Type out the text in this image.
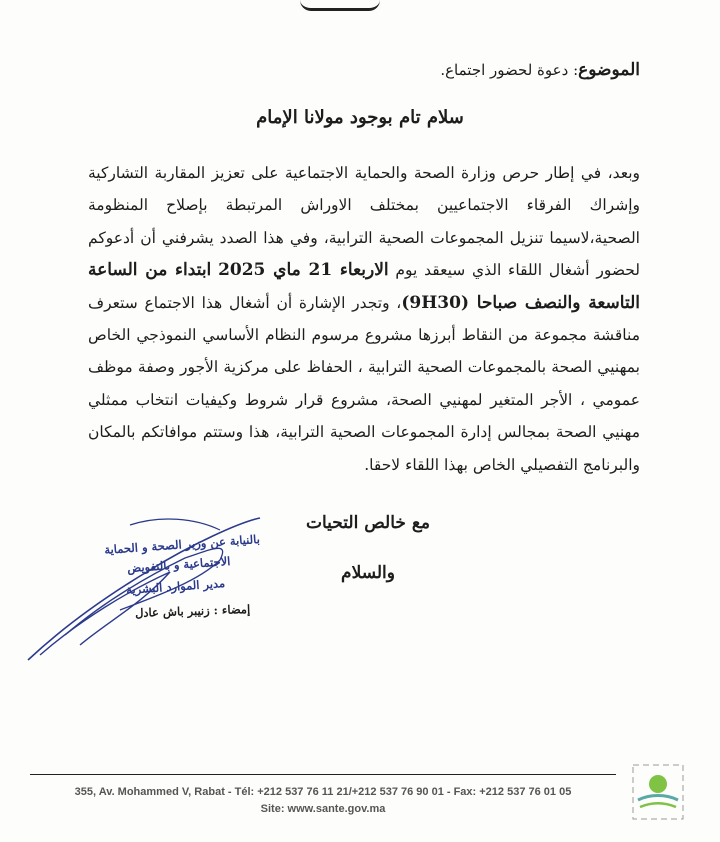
الموضوع: دعوة لحضور اجتماع.
سلام تام بوجود مولانا الإمام
وبعد، في إطار حرص وزارة الصحة والحماية الاجتماعية على تعزيز المقاربة التشاركية وإشراك الفرقاء الاجتماعيين بمختلف الاوراش المرتبطة بإصلاح المنظومة الصحية،لاسيما تنزيل المجموعات الصحية الترابية، وفي هذا الصدد يشرفني أن أدعوكم لحضور أشغال اللقاء الذي سيعقد يوم الاربعاء 21 ماي 2025 ابتداء من الساعة التاسعة والنصف صباحا (9H30)، وتجدر الإشارة أن أشغال هذا الاجتماع ستعرف مناقشة مجموعة من النقاط أبرزها مشروع مرسوم النظام الأساسي النموذجي الخاص بمهنيي الصحة بالمجموعات الصحية الترابية ، الحفاظ على مركزية الأجور وصفة موظف عمومي ، الأجر المتغير لمهنيي الصحة، مشروع قرار شروط وكيفيات انتخاب ممثلي مهنيي الصحة بمجالس إدارة المجموعات الصحية الترابية، هذا وستتم موافاتكم بالمكان والبرنامج التفصيلي الخاص بهذا اللقاء لاحقا.
مع خالص التحيات
والسلام
بالنيابة عن وزير الصحة و الحماية
الاجتماعية و بالتفويض
مدير الموارد البشرية
إمضاء : زنيبر باش عادل
355, Av. Mohammed V, Rabat - Tél: +212 537 76 11 21/+212 537 76 90 01 - Fax: +212 537 76 01 05
Site: www.sante.gov.ma
